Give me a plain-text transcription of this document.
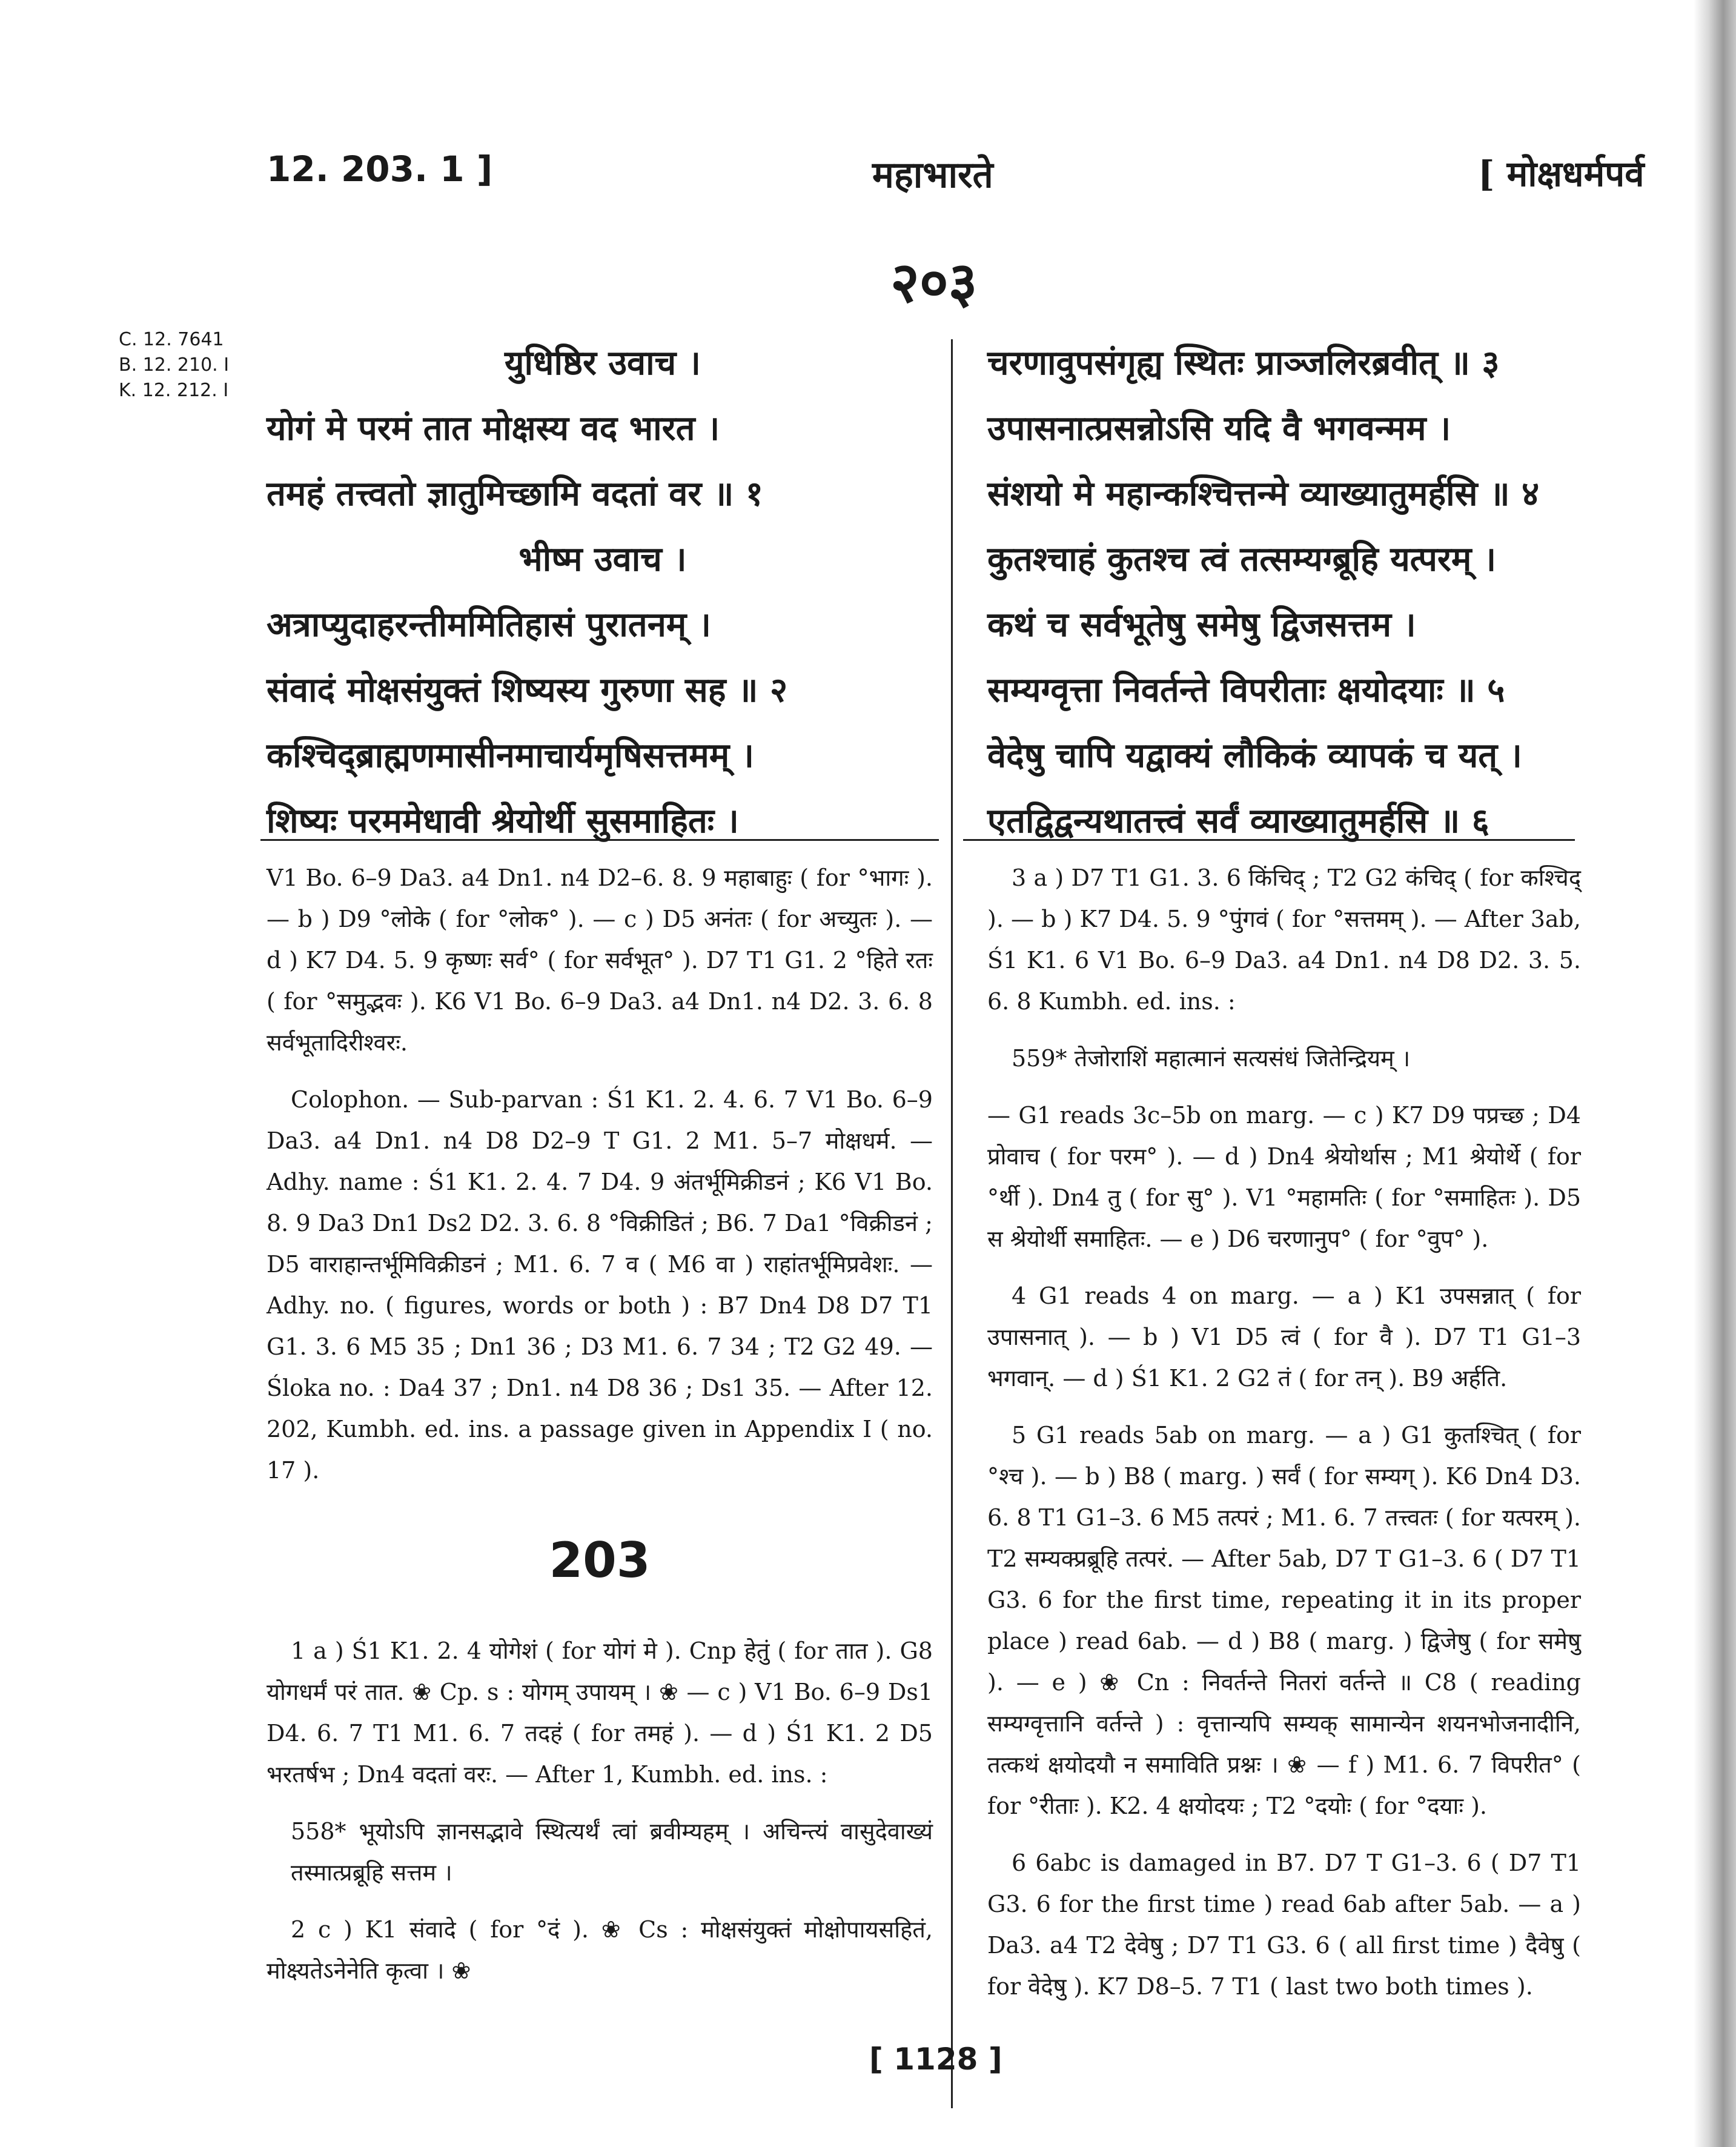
12. 203. 1 ]	महाभारते	[ मोक्षधर्मपर्व
२०३
C. 12. 7641
B. 12. 210. I
K. 12. 212. I
युधिष्ठिर उवाच ।
योगं मे परमं तात मोक्षस्य वद भारत ।
तमहं तत्त्वतो ज्ञातुमिच्छामि वदतां वर ॥ १
भीष्म उवाच ।
अत्राप्युदाहरन्तीममितिहासं पुरातनम् ।
संवादं मोक्षसंयुक्तं शिष्यस्य गुरुणा सह ॥ २
कश्चिद्ब्राह्मणमासीनमाचार्यमृषिसत्तमम् ।
शिष्यः परममेधावी श्रेयोर्थी सुसमाहितः ।
चरणावुपसंगृह्य स्थितः प्राञ्जलिरब्रवीत् ॥ ३
उपासनात्प्रसन्नोऽसि यदि वै भगवन्मम ।
संशयो मे महान्कश्चित्तन्मे व्याख्यातुमर्हसि ॥ ४
कुतश्चाहं कुतश्च त्वं तत्सम्यग्ब्रूहि यत्परम् ।
कथं च सर्वभूतेषु समेषु द्विजसत्तम ।
सम्यग्वृत्ता निवर्तन्ते विपरीताः क्षयोदयाः ॥ ५
वेदेषु चापि यद्वाक्यं लौकिकं व्यापकं च यत् ।
एतद्विद्वन्यथातत्त्वं सर्वं व्याख्यातुमर्हसि ॥ ६

V1 Bo. 6–9 Da3. a4 Dn1. n4 D2–6. 8. 9 महाबाहुः ( for °भागः ). — b ) D9 °लोके ( for °लोक° ). — c ) D5 अनंतः ( for अच्युतः ). — d ) K7 D4. 5. 9 कृष्णः सर्व° ( for सर्वभूत° ). D7 T1 G1. 2 °हिते रतः ( for °समुद्भवः ). K6 V1 Bo. 6–9 Da3. a4 Dn1. n4 D2. 3. 6. 8 सर्वभूतादिरीश्वरः.

Colophon. — Sub-parvan : Ś1 K1. 2. 4. 6. 7 V1 Bo. 6–9 Da3. a4 Dn1. n4 D8 D2–9 T G1. 2 M1. 5–7 मोक्षधर्म. — Adhy. name : Ś1 K1. 2. 4. 7 D4. 9 अंतर्भूमिक्रीडनं ; K6 V1 Bo. 8. 9 Da3 Dn1 Ds2 D2. 3. 6. 8 °विक्रीडितं ; B6. 7 Da1 °विक्रीडनं ; D5 वाराहान्तर्भूमिविक्रीडनं ; M1. 6. 7 व ( M6 वा ) राहांतर्भूमिप्रवेशः. — Adhy. no. ( figures, words or both ) : B7 Dn4 D8 D7 T1 G1. 3. 6 M5 35 ; Dn1 36 ; D3 M1. 6. 7 34 ; T2 G2 49. — Śloka no. : Da4 37 ; Dn1. n4 D8 36 ; Ds1 35. — After 12. 202, Kumbh. ed. ins. a passage given in Appendix I ( no. 17 ).

203

1 a ) Ś1 K1. 2. 4 योगेशं ( for योगं मे ). Cnp हेतुं ( for तात ). G8 योगधर्मं परं तात. ❀ Cp. s : योगम् उपायम् । ❀ — c ) V1 Bo. 6–9 Ds1 D4. 6. 7 T1 M1. 6. 7 तदहं ( for तमहं ). — d ) Ś1 K1. 2 D5 भरतर्षभ ; Dn4 वदतां वरः. — After 1, Kumbh. ed. ins. :

558* भूयोऽपि ज्ञानसद्भावे स्थित्यर्थं त्वां ब्रवीम्यहम् । अचिन्त्यं वासुदेवाख्यं तस्मात्प्रब्रूहि सत्तम ।

2 c ) K1 संवादे ( for °दं ). ❀ Cs : मोक्षसंयुक्तं मोक्षोपायसहितं, मोक्ष्यतेऽनेनेति कृत्वा । ❀

3 a ) D7 T1 G1. 3. 6 किंचिद् ; T2 G2 कंचिद् ( for कश्चिद् ). — b ) K7 D4. 5. 9 °पुंगवं ( for °सत्तमम् ). — After 3ab, Ś1 K1. 6 V1 Bo. 6–9 Da3. a4 Dn1. n4 D8 D2. 3. 5. 6. 8 Kumbh. ed. ins. :

559* तेजोराशिं महात्मानं सत्यसंधं जितेन्द्रियम् ।

— G1 reads 3c–5b on marg. — c ) K7 D9 पप्रच्छ ; D4 प्रोवाच ( for परम° ). — d ) Dn4 श्रेयोर्थास ; M1 श्रेयोर्थे ( for °र्थी ). Dn4 तु ( for सु° ). V1 °महामतिः ( for °समाहितः ). D5 स श्रेयोर्थी समाहितः. — e ) D6 चरणानुप° ( for °वुप° ).

4 G1 reads 4 on marg. — a ) K1 उपसन्नात् ( for उपासनात् ). — b ) V1 D5 त्वं ( for वै ). D7 T1 G1–3 भगवान्. — d ) Ś1 K1. 2 G2 तं ( for तन् ). B9 अर्हति.

5 G1 reads 5ab on marg. — a ) G1 कुतश्चित् ( for °श्च ). — b ) B8 ( marg. ) सर्वं ( for सम्यग् ). K6 Dn4 D3. 6. 8 T1 G1–3. 6 M5 तत्परं ; M1. 6. 7 तत्त्वतः ( for यत्परम् ). T2 सम्यक्प्रब्रूहि तत्परं. — After 5ab, D7 T G1–3. 6 ( D7 T1 G3. 6 for the first time, repeating it in its proper place ) read 6ab. — d ) B8 ( marg. ) द्विजेषु ( for समेषु ). — e ) ❀ Cn : निवर्तन्ते नितरां वर्तन्ते ॥ C8 ( reading सम्यग्वृत्तानि वर्तन्ते ) : वृत्तान्यपि सम्यक् सामान्येन शयनभोजनादीनि, तत्कथं क्षयोदयौ न समाविति प्रश्नः । ❀ — f ) M1. 6. 7 विपरीत° ( for °रीताः ). K2. 4 क्षयोदयः ; T2 °दयोः ( for °दयाः ).

6 6abc is damaged in B7. D7 T G1–3. 6 ( D7 T1 G3. 6 for the first time ) read 6ab after 5ab. — a ) Da3. a4 T2 देवेषु ; D7 T1 G3. 6 ( all first time ) दैवेषु ( for वेदेषु ). K7 D8–5. 7 T1 ( last two both times ).

[ 1128 ]
